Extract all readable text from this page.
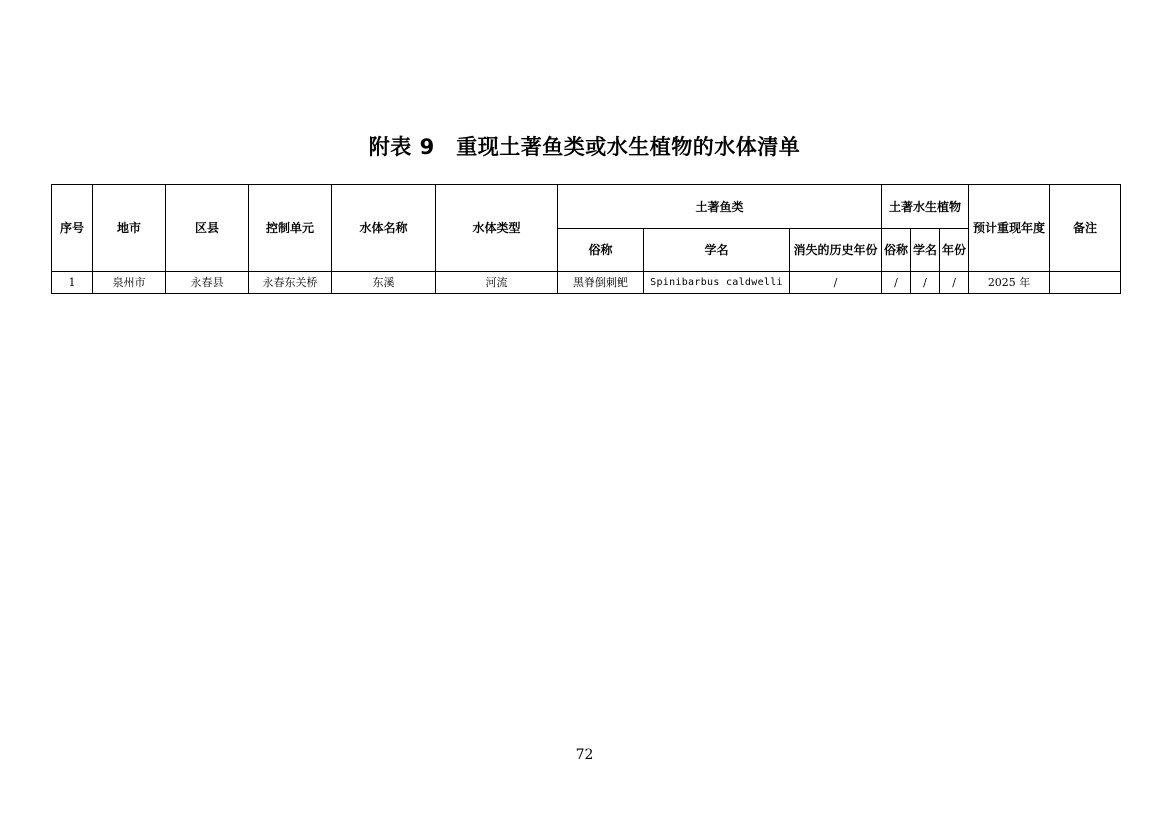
附表 9　重现土著鱼类或水生植物的水体清单
序号	地市	区县	控制单元	水体名称	水体类型	土著鱼类			土著水生植物			预计重现年度	备注
						俗称	学名	消失的历史年份	俗称	学名	年份		
1	泉州市	永春县	永春东关桥	东溪	河流	黑脊倒刺鲃	Spinibarbus caldwelli	/	/	/	/	2025 年	
72
